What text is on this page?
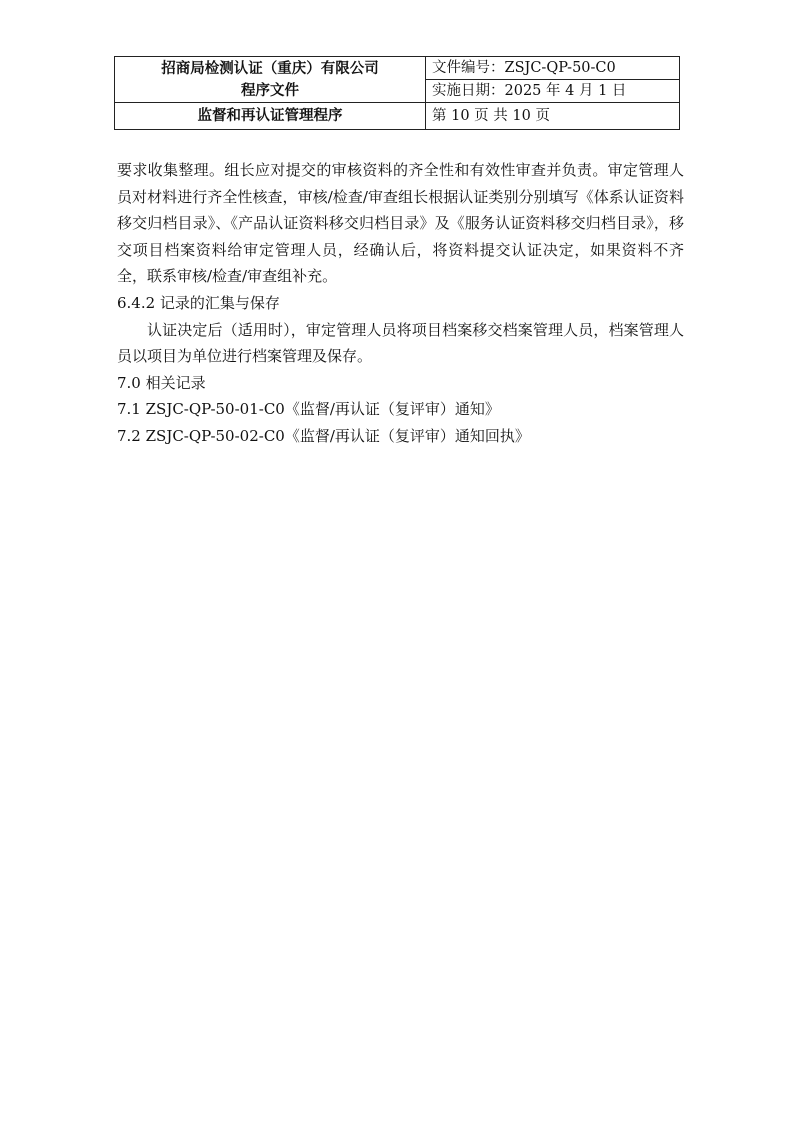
招商局检测认证（重庆）有限公司
程序文件	文件编号：ZSJC-QP-50-C0
	实施日期：2025 年 4 月 1 日
监督和再认证管理程序	第 10 页 共 10 页

要求收集整理。组长应对提交的审核资料的齐全性和有效性审查并负责。审定管理人员对材料进行齐全性核查，审核/检查/审查组长根据认证类别分别填写《体系认证资料移交归档目录》、《产品认证资料移交归档目录》及《服务认证资料移交归档目录》，移交项目档案资料给审定管理人员，经确认后，将资料提交认证决定，如果资料不齐全，联系审核/检查/审查组补充。

6.4.2 记录的汇集与保存

认证决定后（适用时），审定管理人员将项目档案移交档案管理人员，档案管理人员以项目为单位进行档案管理及保存。

7.0 相关记录

7.1 ZSJC-QP-50-01-C0《监督/再认证（复评审）通知》

7.2 ZSJC-QP-50-02-C0《监督/再认证（复评审）通知回执》
